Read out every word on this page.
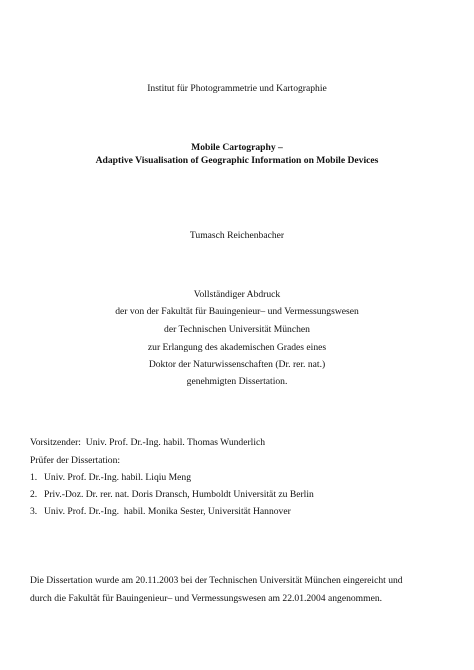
Institut für Photogrammetrie und Kartographie
Mobile Cartography –
Adaptive Visualisation of Geographic Information on Mobile Devices
Tumasch Reichenbacher
Vollständiger Abdruck
der von der Fakultät für Bauingenieur– und Vermessungswesen
der Technischen Universität München
zur Erlangung des akademischen Grades eines
Doktor der Naturwissenschaften (Dr. rer. nat.)
genehmigten Dissertation.
Vorsitzender:  Univ. Prof. Dr.-Ing. habil. Thomas Wunderlich
Prüfer der Dissertation:
1. Univ. Prof. Dr.-Ing. habil. Liqiu Meng
2. Priv.-Doz. Dr. rer. nat. Doris Dransch, Humboldt Universität zu Berlin
3. Univ. Prof. Dr.-Ing.  habil. Monika Sester, Universität Hannover
Die Dissertation wurde am 20.11.2003 bei der Technischen Universität München eingereicht und
durch die Fakultät für Bauingenieur– und Vermessungswesen am 22.01.2004 angenommen.
